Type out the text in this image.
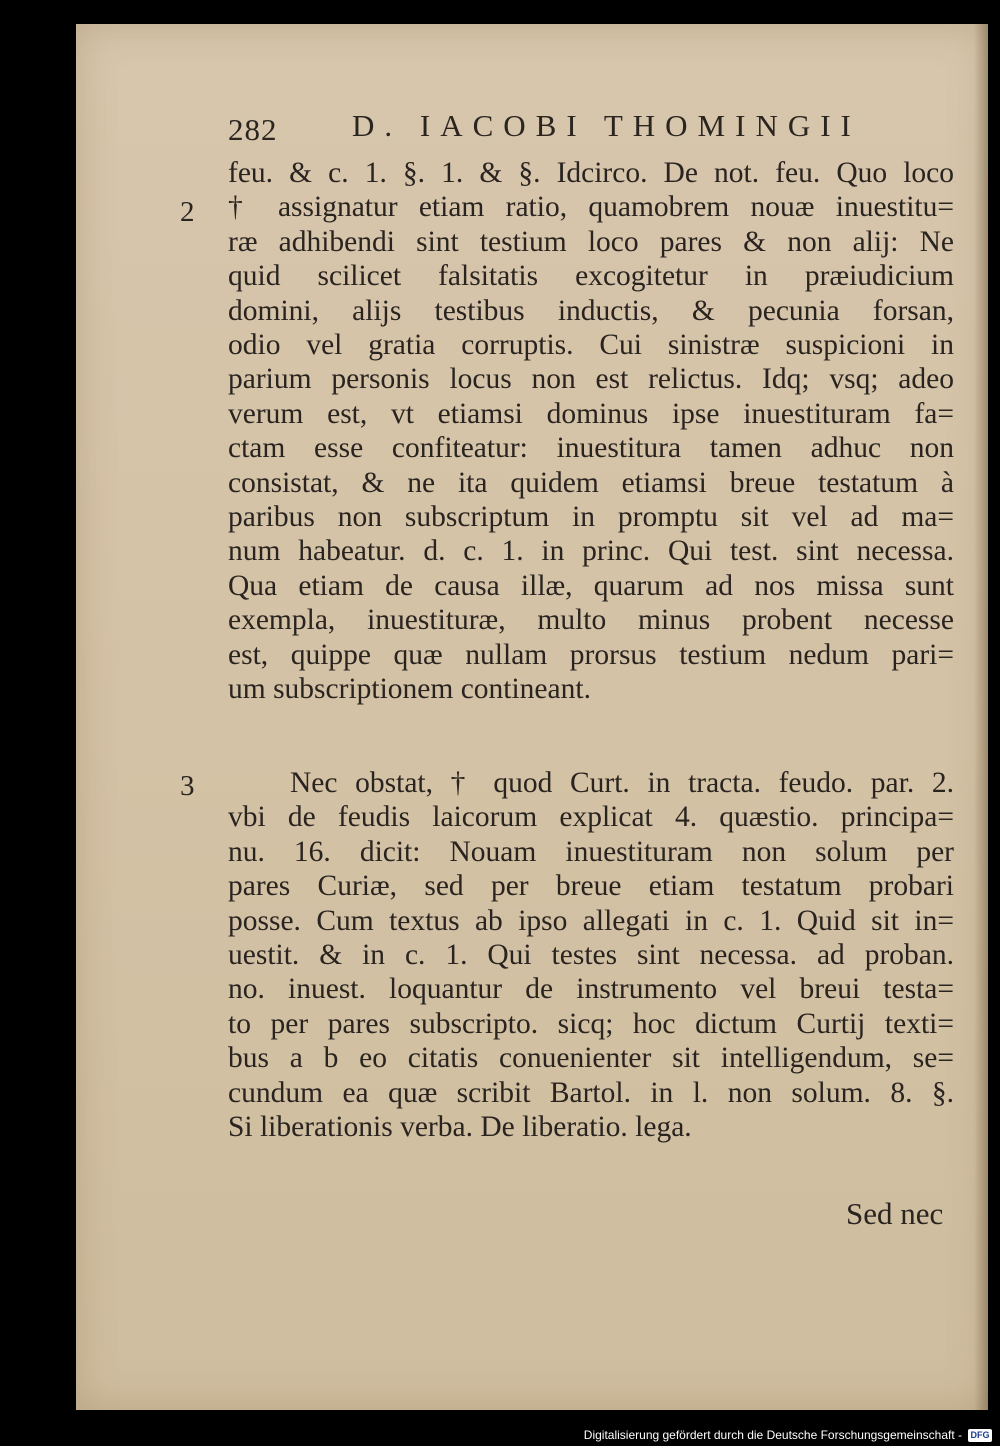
282 D. IACOBI THOMINGII
2
3
feu. & c. 1. §. 1. & §. Idcirco. De not. feu. Quo loco
† assignatur etiam ratio, quamobrem nouæ inuestitu=
ræ adhibendi sint testium loco pares & non alij: Ne
quid scilicet falsitatis excogitetur in præiudicium
domini, alijs testibus inductis, & pecunia forsan,
odio vel gratia corruptis. Cui sinistræ suspicioni in
parium personis locus non est relictus. Idq; vsq; adeo
verum est, vt etiamsi dominus ipse inuestituram fa=
ctam esse confiteatur: inuestitura tamen adhuc non
consistat, & ne ita quidem etiamsi breue testatum à
paribus non subscriptum in promptu sit vel ad ma=
num habeatur. d. c. 1. in princ. Qui test. sint necessa.
Qua etiam de causa illæ, quarum ad nos missa sunt
exempla, inuestituræ, multo minus probent necesse
est, quippe quæ nullam prorsus testium nedum pari=
um subscriptionem contineant.
Nec obstat, † quod Curt. in tracta. feudo. par. 2.
vbi de feudis laicorum explicat 4. quæstio. principa=
nu. 16. dicit: Nouam inuestituram non solum per
pares Curiæ, sed per breue etiam testatum probari
posse. Cum textus ab ipso allegati in c. 1. Quid sit in=
uestit. & in c. 1. Qui testes sint necessa. ad proban.
no. inuest. loquantur de instrumento vel breui testa=
to per pares subscripto. sicq; hoc dictum Curtij texti=
bus a b eo citatis conuenienter sit intelligendum, se=
cundum ea quæ scribit Bartol. in l. non solum. 8. §.
Si liberationis verba. De liberatio. lega.
Sed nec
Digitalisierung gefördert durch die Deutsche Forschungsgemeinschaft - DFG
